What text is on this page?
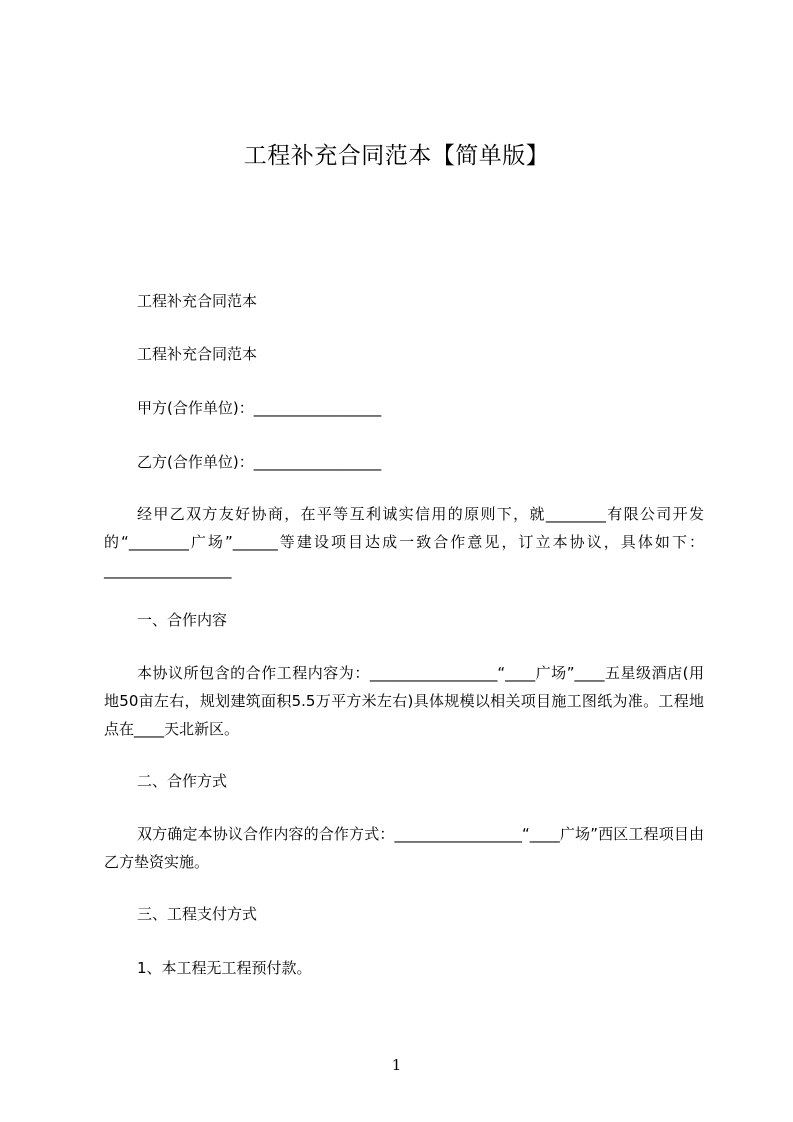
工程补充合同范本【简单版】
工程补充合同范本
工程补充合同范本
甲方(合作单位)：_________________
乙方(合作单位)：_________________
经甲乙双方友好协商，在平等互利诚实信用的原则下，就________有限公司开发的“________广场”______等建设项目达成一致合作意见，订立本协议，具体如下：_________________
一、合作内容
本协议所包含的合作工程内容为：_________________“____广场”____五星级酒店(用地50亩左右，规划建筑面积5.5万平方米左右)具体规模以相关项目施工图纸为准。工程地点在____天北新区。
二、合作方式
双方确定本协议合作内容的合作方式：_________________“____广场”西区工程项目由乙方垫资实施。
三、工程支付方式
1、本工程无工程预付款。
1
